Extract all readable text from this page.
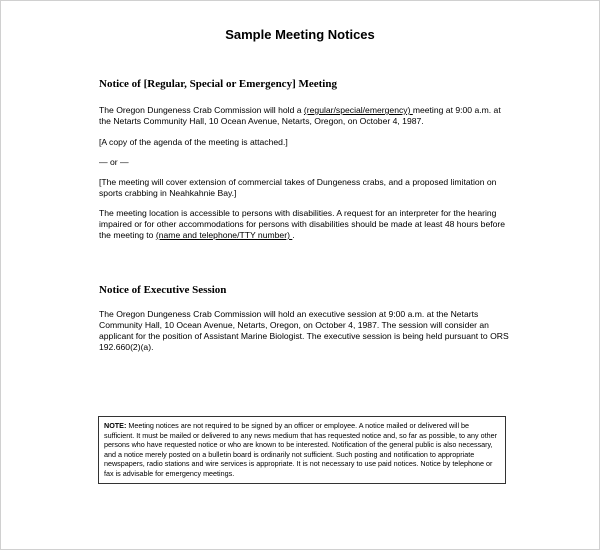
Sample Meeting Notices
Notice of [Regular, Special or Emergency] Meeting
The Oregon Dungeness Crab Commission will hold a (regular/special/emergency) meeting at 9:00 a.m. at the Netarts Community Hall, 10 Ocean Avenue, Netarts, Oregon, on October 4, 1987.
[A copy of the agenda of the meeting is attached.]
— or —
[The meeting will cover extension of commercial takes of Dungeness crabs, and a proposed limitation on sports crabbing in Neahkahnie Bay.]
The meeting location is accessible to persons with disabilities. A request for an interpreter for the hearing impaired or for other accommodations for persons with disabilities should be made at least 48 hours before the meeting to (name and telephone/TTY number) .
Notice of Executive Session
The Oregon Dungeness Crab Commission will hold an executive session at 9:00 a.m. at the Netarts Community Hall, 10 Ocean Avenue, Netarts, Oregon, on October 4, 1987. The session will consider an applicant for the position of Assistant Marine Biologist. The executive session is being held pursuant to ORS 192.660(2)(a).
NOTE: Meeting notices are not required to be signed by an officer or employee. A notice mailed or delivered will be sufficient. It must be mailed or delivered to any news medium that has requested notice and, so far as possible, to any other persons who have requested notice or who are known to be interested. Notification of the general public is also necessary, and a notice merely posted on a bulletin board is ordinarily not sufficient. Such posting and notification to appropriate newspapers, radio stations and wire services is appropriate. It is not necessary to use paid notices. Notice by telephone or fax is advisable for emergency meetings.
